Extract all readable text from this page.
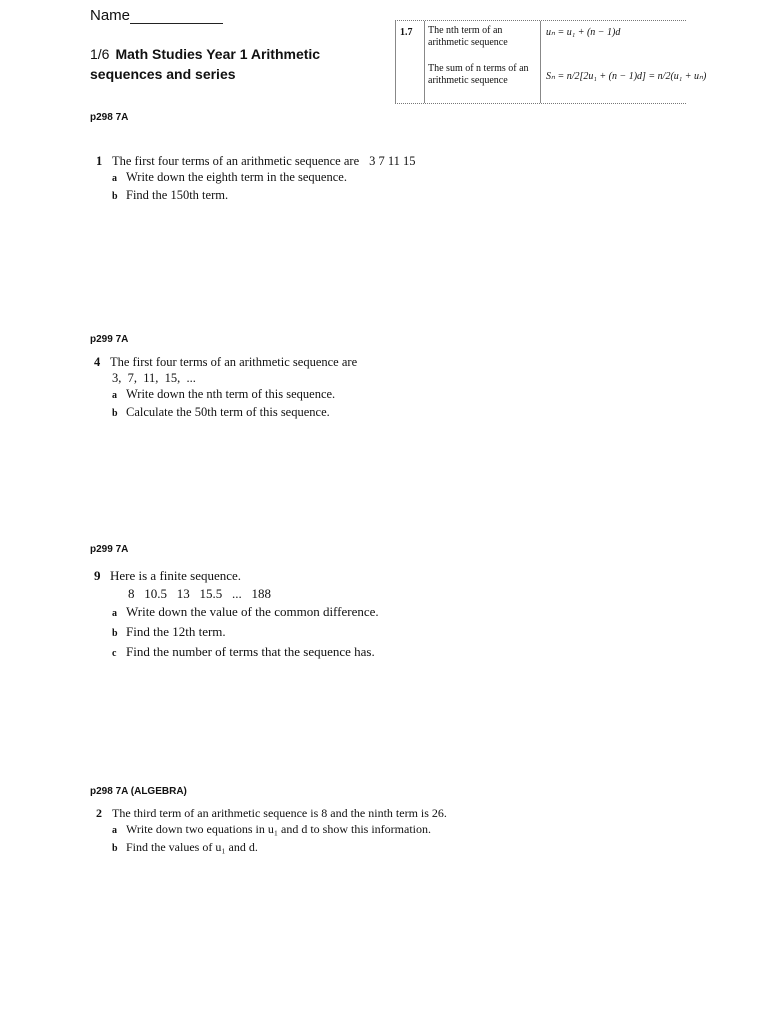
Name
1/6 Math Studies Year 1 Arithmetic
sequences and series
1.7 The nth term of an
arithmetic sequence
uₙ = u₁ + (n − 1)d
The sum of n terms of an
arithmetic sequence	Sₙ = n/2[2u₁ + (n − 1)d] = n/2(u₁ + uₙ)
p298 7A
1 The first four terms of an arithmetic sequence are 3 7 11 15
a Write down the eighth term in the sequence.
b Find the 150th term.
p299 7A
4 The first four terms of an arithmetic sequence are
3,  7,  11,  15,  ...
a Write down the nth term of this sequence.
b Calculate the 50th term of this sequence.
p299 7A
9 Here is a finite sequence.
8   10.5   13   15.5   ...   188
a Write down the value of the common difference.
b Find the 12th term.
c Find the number of terms that the sequence has.
p298 7A (ALGEBRA)
2 The third term of an arithmetic sequence is 8 and the ninth term is 26.
a Write down two equations in u₁ and d to show this information.
b Find the values of u₁ and d.
